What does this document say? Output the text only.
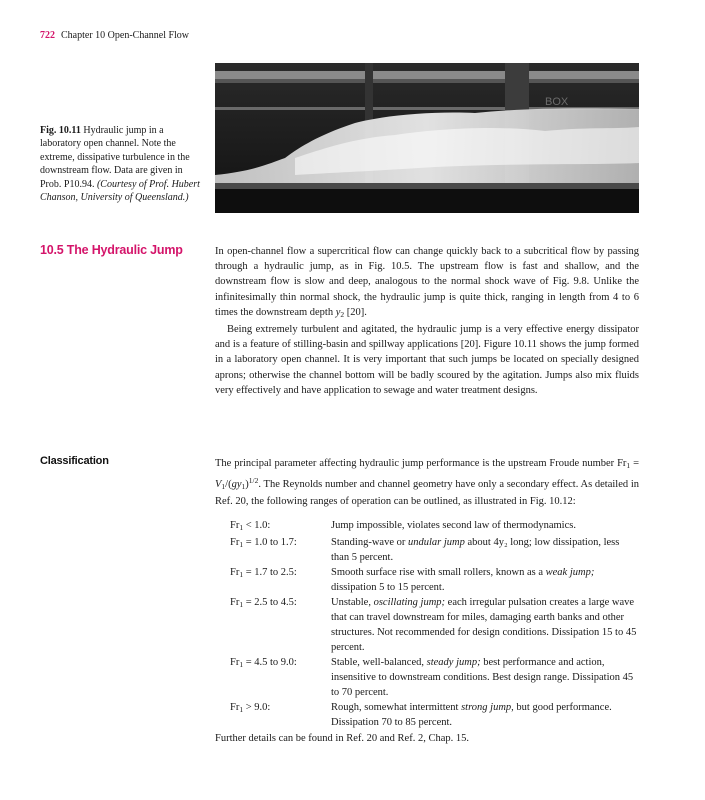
722 Chapter 10 Open-Channel Flow
BOX
Fig. 10.11 Hydraulic jump in a laboratory open channel. Note the extreme, dissipative turbulence in the downstream flow. Data are given in Prob. P10.94. (Courtesy of Prof. Hubert Chanson, University of Queensland.)
10.5 The Hydraulic Jump	In open-channel flow a supercritical flow can change quickly back to a subcritical flow by passing through a hydraulic jump, as in Fig. 10.5. The upstream flow is fast and shallow, and the downstream flow is slow and deep, analogous to the normal shock wave of Fig. 9.8. Unlike the infinitesimally thin normal shock, the hydraulic jump is quite thick, ranging in length from 4 to 6 times the downstream depth $y_2$ [20].

Being extremely turbulent and agitated, the hydraulic jump is a very effective energy dissipator and is a feature of stilling-basin and spillway applications [20]. Figure 10.11 shows the jump formed in a laboratory open channel. It is very important that such jumps be located on specially designed aprons; otherwise the channel bottom will be badly scoured by the agitation. Jumps also mix fluids very effectively and have application to sewage and water treatment designs.

Classification	The principal parameter affecting hydraulic jump performance is the upstream Froude number $Fr_1 = V_1/(gy_1)^{1/2}$. The Reynolds number and channel geometry have only a secondary effect. As detailed in Ref. 20, the following ranges of operation can be outlined, as illustrated in Fig. 10.12:

$Fr_1 < 1.0$:	Jump impossible, violates second law of thermodynamics.
$Fr_1 = 1.0$ to 1.7:	Standing-wave or undular jump about 4y₂ long; low dissipation, less than 5 percent.
$Fr_1 = 1.7$ to 2.5:	Smooth surface rise with small rollers, known as a weak jump; dissipation 5 to 15 percent.
$Fr_1 = 2.5$ to 4.5:	Unstable, oscillating jump; each irregular pulsation creates a large wave that can travel downstream for miles, damaging earth banks and other structures. Not recommended for design conditions. Dissipation 15 to 45 percent.
$Fr_1 = 4.5$ to 9.0:	Stable, well-balanced, steady jump; best performance and action, insensitive to downstream conditions. Best design range. Dissipation 45 to 70 percent.
$Fr_1 > 9.0$:	Rough, somewhat intermittent strong jump, but good performance. Dissipation 70 to 85 percent.
Further details can be found in Ref. 20 and Ref. 2, Chap. 15.
